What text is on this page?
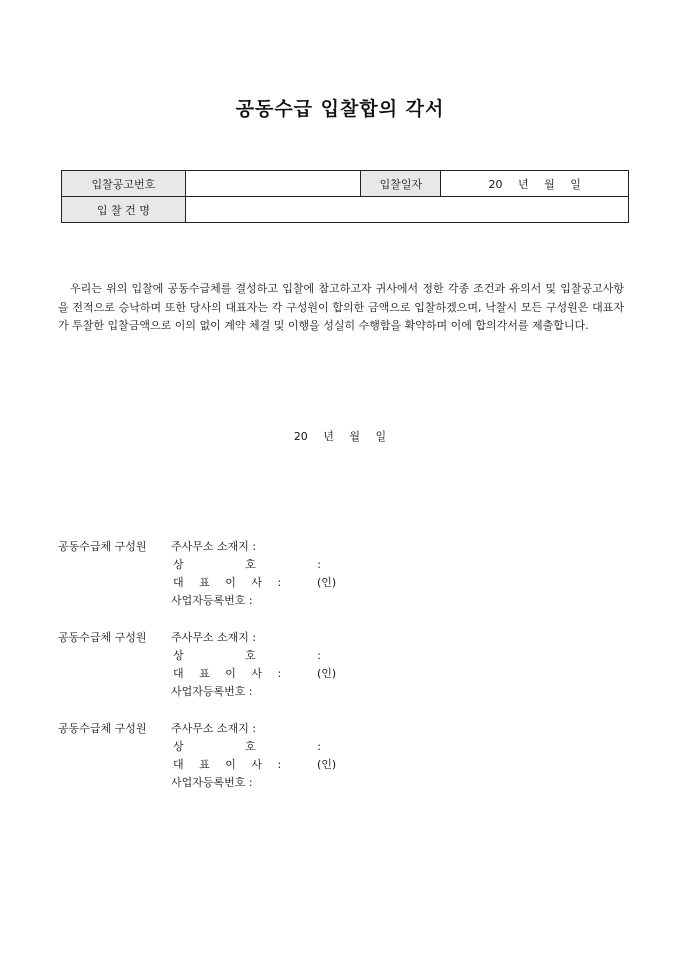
공동수급 입찰합의 각서
입찰공고번호		입찰일자	20 년 월 일
입 찰 건 명			
우리는 위의 입찰에 공동수급체를 결성하고 입찰에 참고하고자 귀사에서 정한 각종 조건과 유의서 및 입찰공고사항을 전적으로 승낙하며 또한 당사의 대표자는 각 구성원이 합의한 금액으로 입찰하겠으며, 낙찰시 모든 구성원은 대표자가 투찰한 입찰금액으로 이의 없이 계약 체결 및 이행을 성실히 수행함을 확약하며 이에 합의각서를 제출합니다.
20 년 월 일
공동수급체 구성원 주사무소 소재지 :
상 호 :
대 표 이 사 :	(인)
사업자등록번호 :
공동수급체 구성원 주사무소 소재지 :
상 호 :
대 표 이 사 :	(인)
사업자등록번호 :
공동수급체 구성원 주사무소 소재지 :
상 호 :
대 표 이 사 :	(인)
사업자등록번호 :
